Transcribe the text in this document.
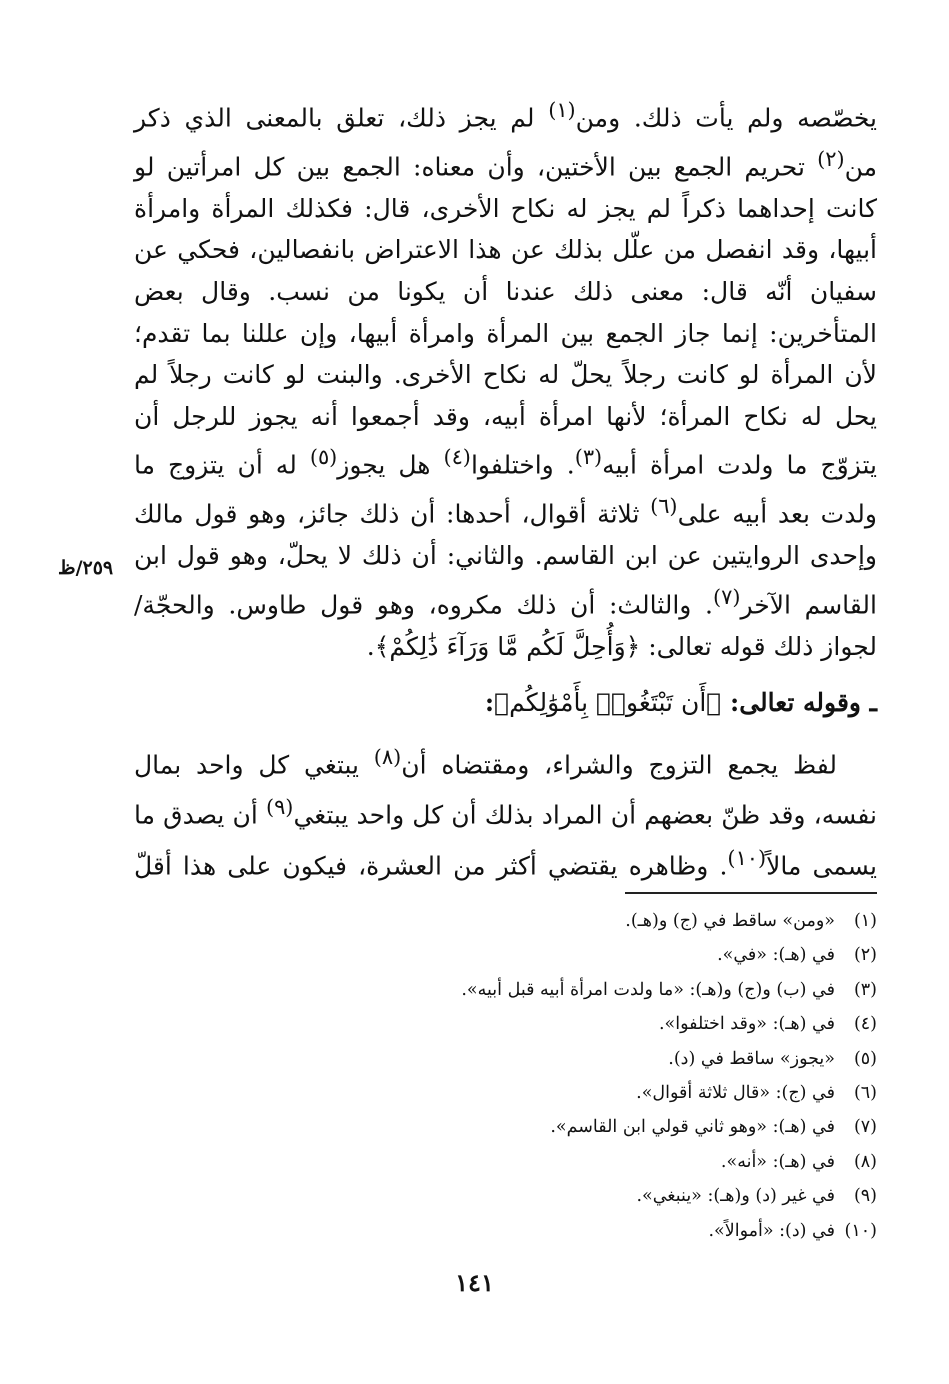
يخصّصه ولم يأت ذلك. ومن$^{(١)}$ لم يجز ذلك، تعلق بالمعنى الذي ذكر من$^{(٢)}$ تحريم الجمع بين الأختين، وأن معناه: الجمع بين كل امرأتين لو كانت إحداهما ذكراً لم يجز له نكاح الأخرى، قال: فكذلك المرأة وامرأة أبيها، وقد انفصل من علّل بذلك عن هذا الاعتراض بانفصالين، فحكي عن سفيان أنّه قال: معنى ذلك عندنا أن يكونا من نسب. وقال بعض المتأخرين: إنما جاز الجمع بين المرأة وامرأة أبيها، وإن عللنا بما تقدم؛ لأن المرأة لو كانت رجلاً يحلّ له نكاح الأخرى. والبنت لو كانت رجلاً لم يحل له نكاح المرأة؛ لأنها امرأة أبيه، وقد أجمعوا أنه يجوز للرجل أن يتزوّج ما ولدت امرأة أبيه$^{(٣)}$. واختلفوا$^{(٤)}$ هل يجوز$^{(٥)}$ له أن يتزوج ما ولدت بعد أبيه على$^{(٦)}$ ثلاثة أقوال، أحدها: أن ذلك جائز، وهو قول مالك وإحدى الروايتين عن ابن القاسم. والثاني: أن ذلك لا يحلّ، وهو قول ابن القاسم الآخر$^{(٧)}$. والثالث: أن ذلك مكروه، وهو قول طاوس. والحجّة/ لجواز ذلك قوله تعالى: ﴿وَأُحِلَّ لَكُم مَّا وَرَآءَ ذَٰلِكُمْ﴾.

٢٥٩/ظ
ـ وقوله تعالى: ﴿أَن تَبْتَغُوا۟ بِأَمْوَٰلِكُم﴾:
لفظ يجمع التزوج والشراء، ومقتضاه أن$^{(٨)}$ يبتغي كل واحد بمال نفسه، وقد ظنّ بعضهم أن المراد بذلك أن كل واحد يبتغي$^{(٩)}$ أن يصدق ما يسمى مالاً$^{(١٠)}$. وظاهره يقتضي أكثر من العشرة، فيكون على هذا أقلّ
(١)
«ومن» ساقط في (ج) و(هـ).
(٢)
في (هـ): «في».
(٣)
في (ب) و(ج) و(هـ): «ما ولدت امرأة أبيه قبل أبيه».
(٤)
في (هـ): «وقد اختلفوا».
(٥)
«يجوز» ساقط في (د).
(٦)
في (ج): «قال ثلاثة أقوال».
(٧)
في (هـ): «وهو ثاني قولي ابن القاسم».
(٨)
في (هـ): «أنه».
(٩)
في غير (د) و(هـ): «ينبغي».
(١٠)
في (د): «أموالاً».
١٤١
